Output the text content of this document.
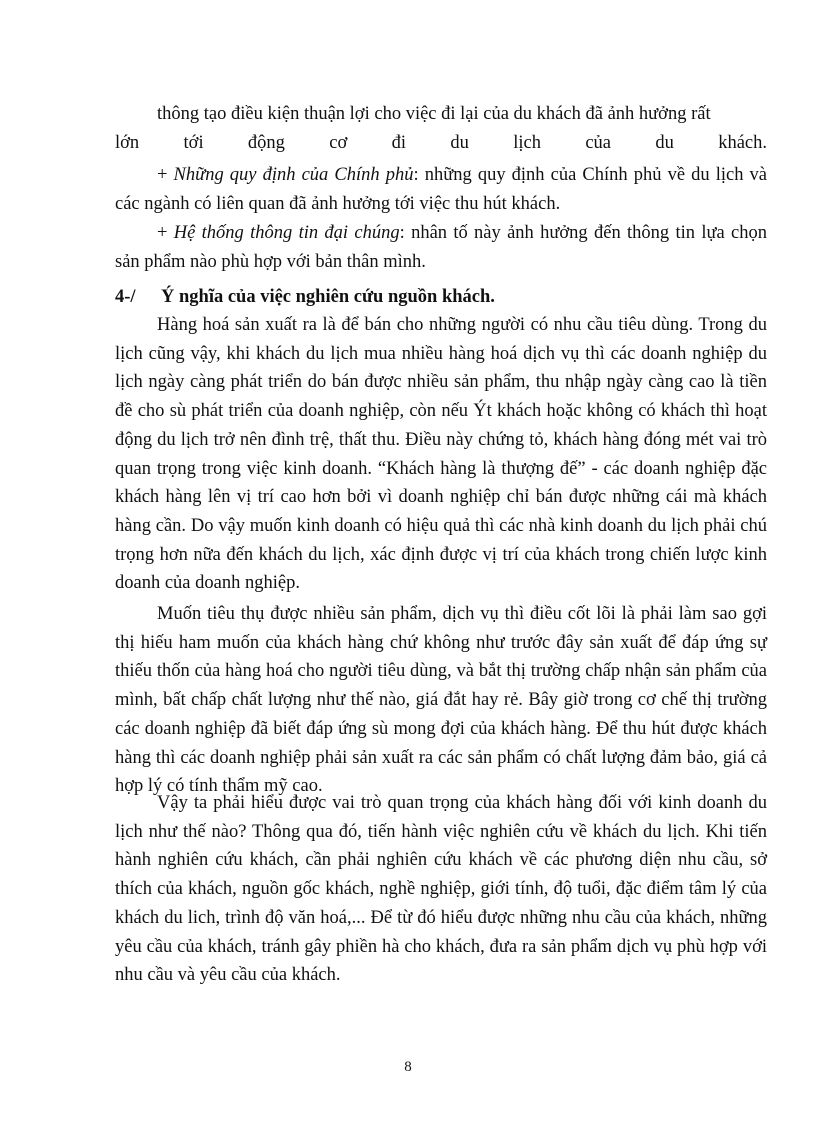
thông tạo điều kiện thuận lợi cho việc đi lại của du khách đã ảnh hưởng rất
lớn tới động cơ đi du lịch của du khách.
+ Những quy định của Chính phủ: những quy định của Chính phủ về du lịch và các ngành có liên quan đã ảnh hưởng tới việc thu hút khách.
+ Hệ thống thông tin đại chúng: nhân tố này ảnh hưởng đến thông tin lựa chọn sản phẩm nào phù hợp với bản thân mình.
4-/ Ý nghĩa của việc nghiên cứu nguồn khách.
Hàng hoá sản xuất ra là để bán cho những người có nhu cầu tiêu dùng. Trong du lịch cũng vậy, khi khách du lịch mua nhiều hàng hoá dịch vụ thì các doanh nghiệp du lịch ngày càng phát triển do bán được nhiều sản phẩm, thu nhập ngày càng cao là tiền đề cho sù phát triển của doanh nghiệp, còn nếu Ýt khách hoặc không có khách thì hoạt động du lịch trở nên đình trệ, thất thu. Điều này chứng tỏ, khách hàng đóng mét vai trò quan trọng trong việc kinh doanh. “Khách hàng là thượng đế” - các doanh nghiệp đặc khách hàng lên vị trí cao hơn bởi vì doanh nghiệp chỉ bán được những cái mà khách hàng cần. Do vậy muốn kinh doanh có hiệu quả thì các nhà kinh doanh du lịch phải chú trọng hơn nữa đến khách du lịch, xác định được vị trí của khách trong chiến lược kinh doanh của doanh nghiệp.
Muốn tiêu thụ được nhiều sản phẩm, dịch vụ thì điều cốt lõi là phải làm sao gợi thị hiếu ham muốn của khách hàng chứ không như trước đây sản xuất để đáp ứng sự thiếu thốn của hàng hoá cho người tiêu dùng, và bắt thị trường chấp nhận sản phẩm của mình, bất chấp chất lượng như thế nào, giá đắt hay rẻ. Bây giờ trong cơ chế thị trường các doanh nghiệp đã biết đáp ứng sù mong đợi của khách hàng. Để thu hút được khách hàng thì các doanh nghiệp phải sản xuất ra các sản phẩm có chất lượng đảm bảo, giá cả hợp lý có tính thẩm mỹ cao.
Vậy ta phải hiểu được vai trò quan trọng của khách hàng đối với kinh doanh du lịch như thế nào? Thông qua đó, tiến hành việc nghiên cứu về khách du lịch. Khi tiến hành nghiên cứu khách, cần phải nghiên cứu khách về các phương diện nhu cầu, sở thích của khách, nguồn gốc khách, nghề nghiệp, giới tính, độ tuổi, đặc điểm tâm lý của khách du lich, trình độ văn hoá,... Để từ đó hiểu được những nhu cầu của khách, những yêu cầu của khách, tránh gây phiền hà cho khách, đưa ra sản phẩm dịch vụ phù hợp với nhu cầu và yêu cầu của khách.
8
